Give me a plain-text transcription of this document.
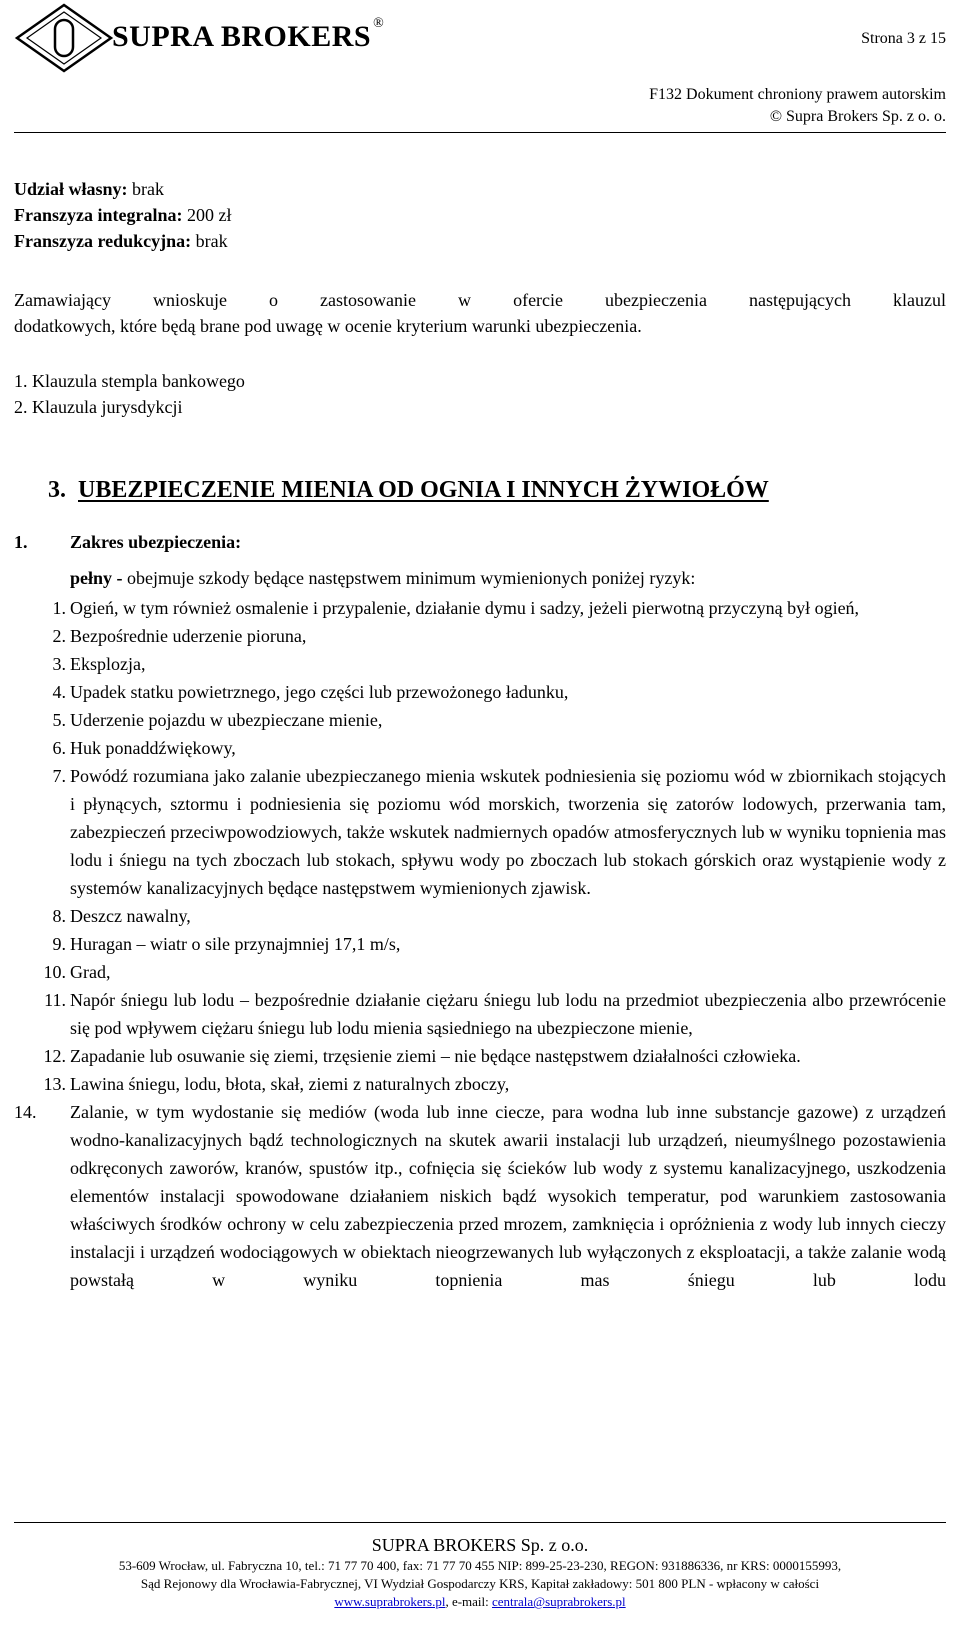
SUPRA BROKERS ®
Strona 3 z 15
F132 Dokument chroniony prawem autorskim
© Supra Brokers Sp. z o. o.
Udział własny: brak
Franszyza integralna: 200 zł
Franszyza redukcyjna: brak
Zamawiający wnioskuje o zastosowanie w ofercie ubezpieczenia następujących klauzul
dodatkowych, które będą brane pod uwagę w ocenie kryterium warunki ubezpieczenia.
1. Klauzula stempla bankowego
2. Klauzula jurysdykcji
3. UBEZPIECZENIE MIENIA OD OGNIA I INNYCH ŻYWIOŁÓW
1. Zakres ubezpieczenia:
pełny - obejmuje szkody będące następstwem minimum wymienionych poniżej ryzyk:
1. Ogień, w tym również osmalenie i przypalenie, działanie dymu i sadzy, jeżeli pierwotną przyczyną był ogień,
2. Bezpośrednie uderzenie pioruna,
3. Eksplozja,
4. Upadek statku powietrznego, jego części lub przewożonego ładunku,
5. Uderzenie pojazdu w ubezpieczane mienie,
6. Huk ponaddźwiękowy,
7. Powódź rozumiana jako zalanie ubezpieczanego mienia wskutek podniesienia się poziomu wód w zbiornikach stojących i płynących, sztormu i podniesienia się poziomu wód morskich, tworzenia się zatorów lodowych, przerwania tam, zabezpieczeń przeciwpowodziowych, także wskutek nadmiernych opadów atmosferycznych lub w wyniku topnienia mas lodu i śniegu na tych zboczach lub stokach, spływu wody po zboczach lub stokach górskich oraz wystąpienie wody z systemów kanalizacyjnych będące następstwem wymienionych zjawisk.
8. Deszcz nawalny,
9. Huragan – wiatr o sile przynajmniej 17,1 m/s,
10. Grad,
11. Napór śniegu lub lodu – bezpośrednie działanie ciężaru śniegu lub lodu na przedmiot ubezpieczenia albo przewrócenie się pod wpływem ciężaru śniegu lub lodu mienia sąsiedniego na ubezpieczone mienie,
12. Zapadanie lub osuwanie się ziemi, trzęsienie ziemi – nie będące następstwem działalności człowieka.
13. Lawina śniegu, lodu, błota, skał, ziemi z naturalnych zboczy,
14.	Zalanie, w tym wydostanie się mediów (woda lub inne ciecze, para wodna lub inne substancje gazowe) z urządzeń wodno-kanalizacyjnych bądź technologicznych na skutek awarii instalacji lub urządzeń, nieumyślnego pozostawienia odkręconych zaworów, kranów, spustów itp., cofnięcia się ścieków lub wody z systemu kanalizacyjnego, uszkodzenia elementów instalacji spowodowane działaniem niskich bądź wysokich temperatur, pod warunkiem zastosowania właściwych środków ochrony w celu zabezpieczenia przed mrozem, zamknięcia i opróżnienia z wody lub innych cieczy instalacji i urządzeń wodociągowych w obiektach nieogrzewanych lub wyłączonych z eksploatacji, a także zalanie wodą powstałą w wyniku topnienia mas śniegu lub lodu
SUPRA BROKERS Sp. z o.o.
53-609 Wrocław, ul. Fabryczna 10, tel.: 71 77 70 400, fax: 71 77 70 455 NIP: 899-25-23-230, REGON: 931886336, nr KRS: 0000155993,
Sąd Rejonowy dla Wrocławia-Fabrycznej, VI Wydział Gospodarczy KRS, Kapitał zakładowy: 501 800 PLN - wpłacony w całości
www.suprabrokers.pl, e-mail: centrala@suprabrokers.pl
